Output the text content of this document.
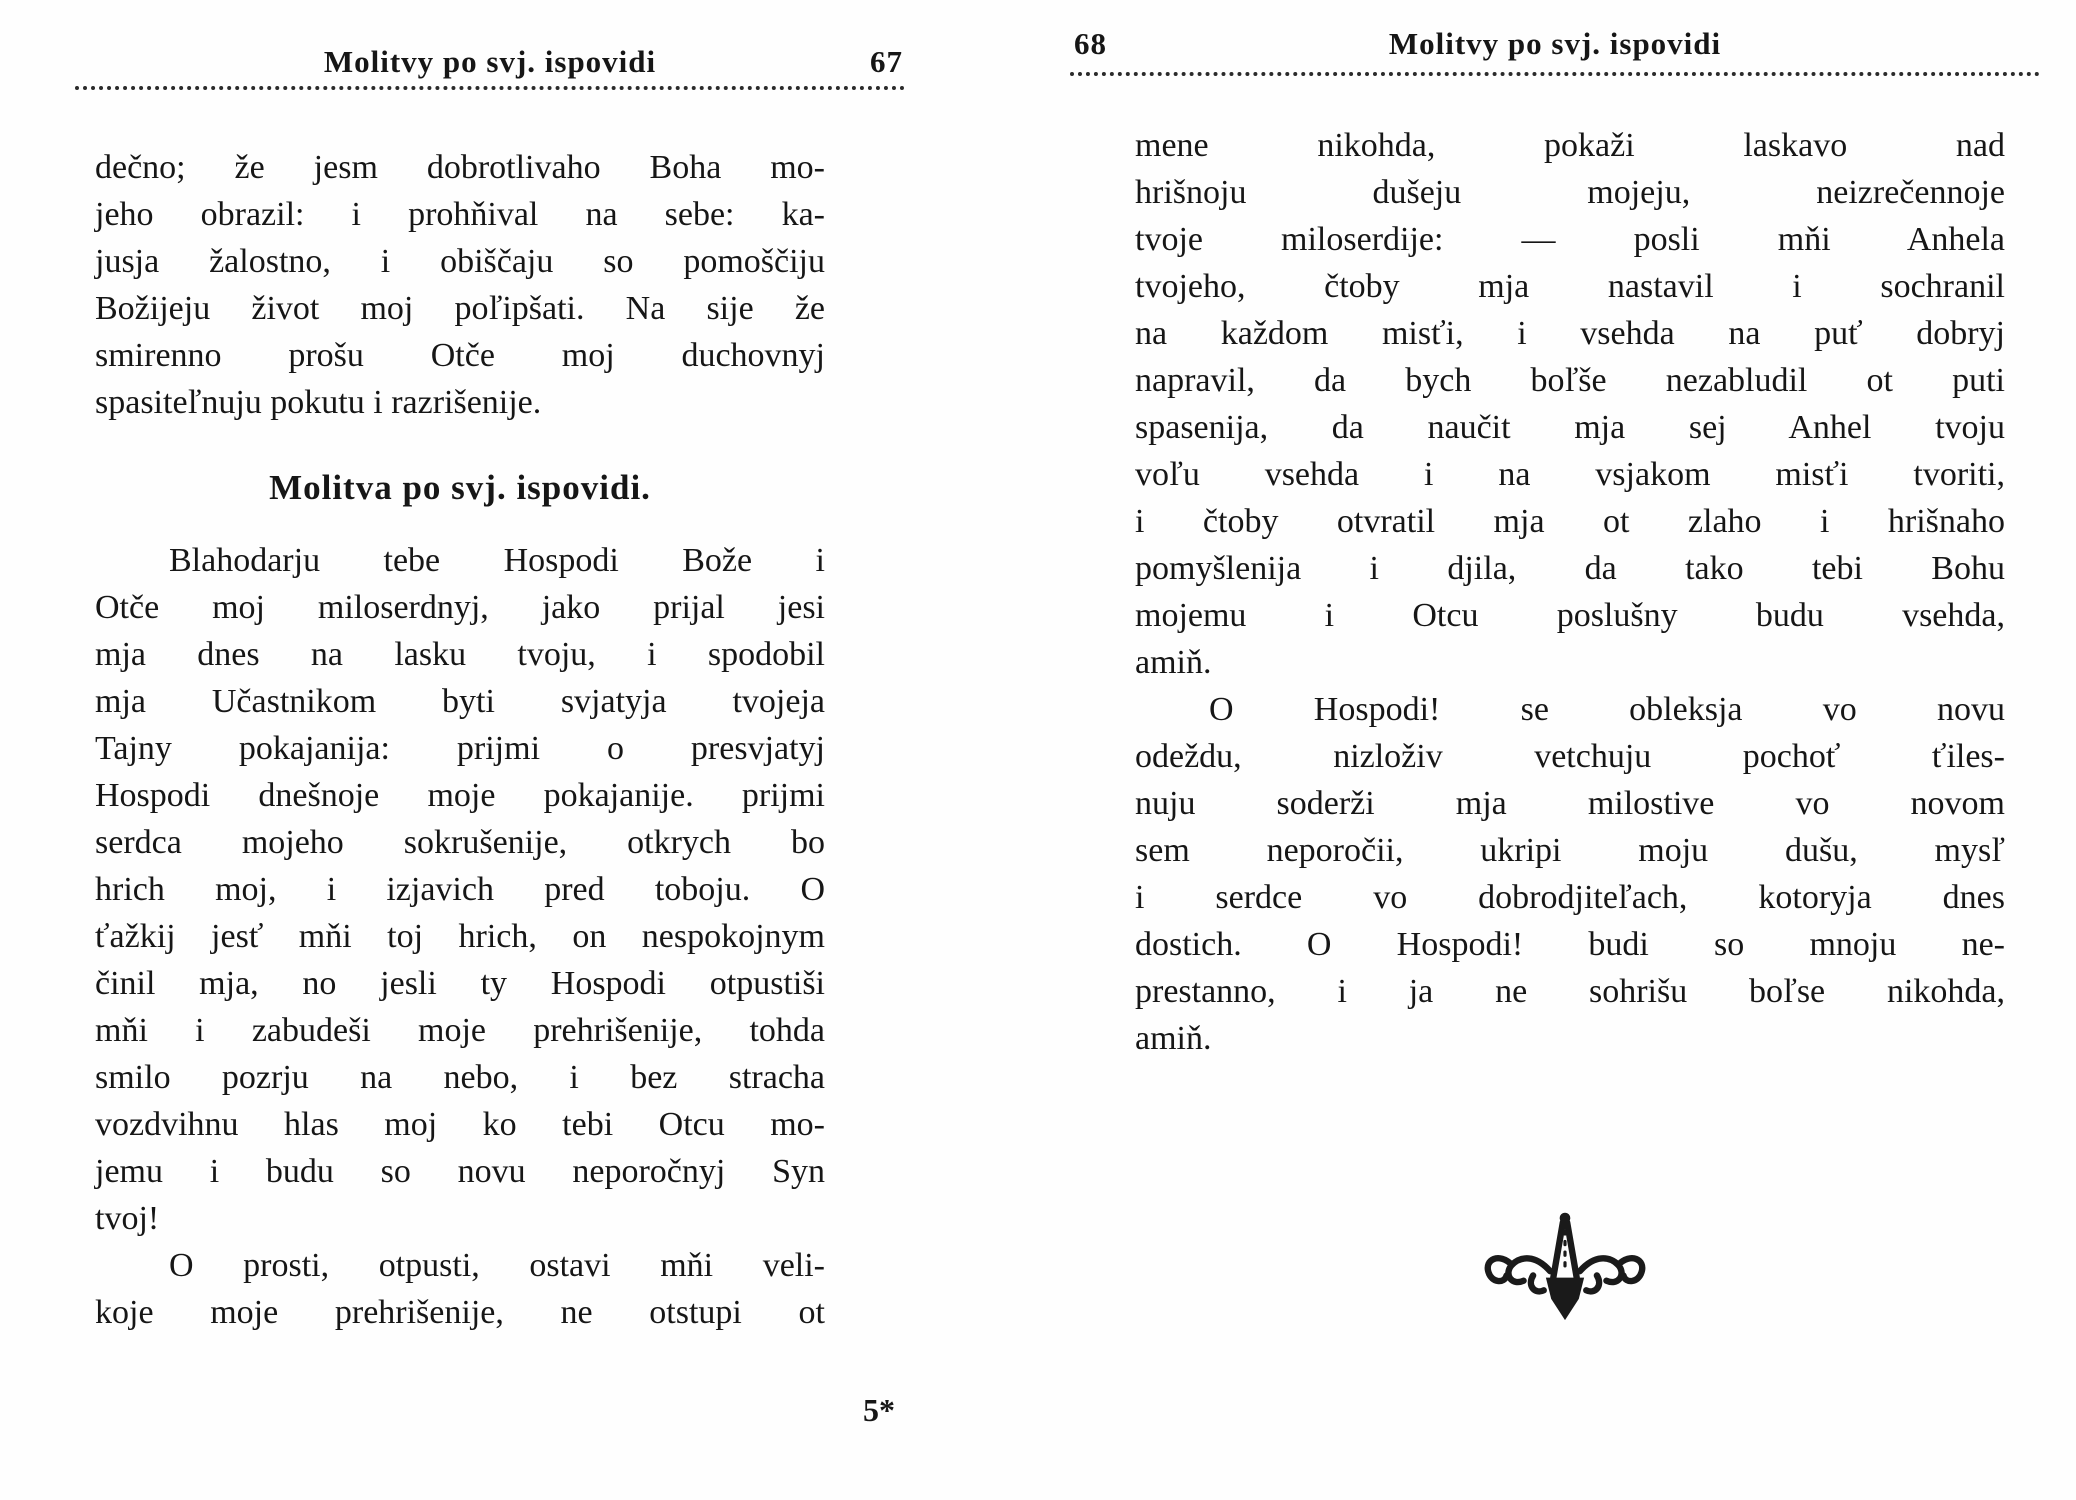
Molitvy po svj. ispovidi	67
dečno; že jesm dobrotlivaho Boha mo-
jeho obrazil: i prohňival na sebe: ka-
jusja žalostno, i obiščaju so pomoščiju
Božijeju život moj poľipšati. Na sije že
smirenno prošu Otče moj duchovnyj
spasiteľnuju pokutu i razrišenije.
Molitva po svj. ispovidi.
Blahodarju tebe Hospodi Bože i
Otče moj miloserdnyj, jako prijal jesi
mja dnes na lasku tvoju, i spodobil
mja Učastnikom byti svjatyja tvojeja
Tajny pokajanija: prijmi o presvjatyj
Hospodi dnešnoje moje pokajanije. prijmi
serdca mojeho sokrušenije, otkrych bo
hrich moj, i izjavich pred toboju. O
ťažkij jesť mňi toj hrich, on nespokojnym
činil mja, no jesli ty Hospodi otpustiši
mňi i zabudeši moje prehrišenije, tohda
smilo pozrju na nebo, i bez stracha
vozdvihnu hlas moj ko tebi Otcu mo-
jemu i budu so novu neporočnyj Syn
tvoj!
O prosti, otpusti, ostavi mňi veli-
koje moje prehrišenije, ne otstupi ot
5*
68	Molitvy po svj. ispovidi
mene nikohda, pokaži laskavo nad
hrišnoju dušeju mojeju, neizrečennoje
tvoje miloserdije: — posli mňi Anhela
tvojeho, čtoby mja nastavil i sochranil
na každom misťi, i vsehda na puť dobryj
napravil, da bych boľše nezabludil ot puti
spasenija, da naučit mja sej Anhel tvoju
voľu vsehda i na vsjakom misťi tvoriti,
i čtoby otvratil mja ot zlaho i hrišnaho
pomyšlenija i djila, da tako tebi Bohu
mojemu i Otcu poslušny budu vsehda,
amiň.
O Hospodi! se obleksja vo novu
odeždu, nizloživ vetchuju pochoť ťiles-
nuju soderži mja milostive vo novom
sem neporočii, ukripi moju dušu, mysľ
i serdce vo dobrodjiteľach, kotoryja dnes
dostich. O Hospodi! budi so mnoju ne-
prestanno, i ja ne sohrišu boľse nikohda,
amiň.
